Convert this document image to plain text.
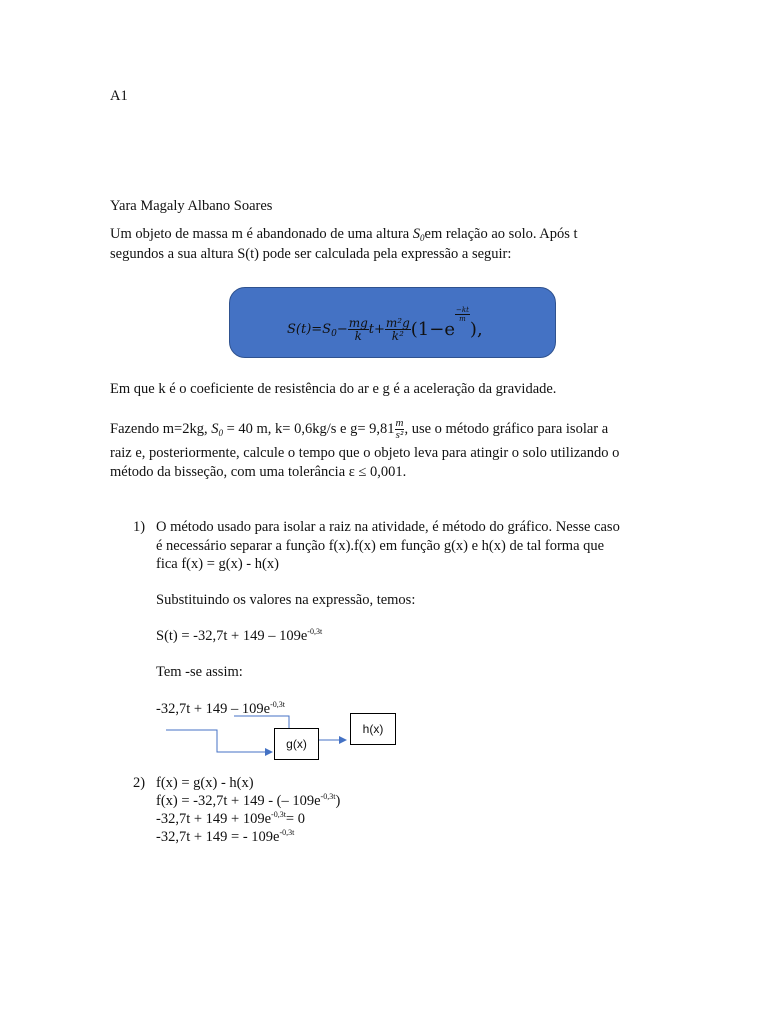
A1
Yara Magaly Albano Soares
Um objeto de massa m é abandonado de uma altura $S_0em$ relação ao solo. Após t
segundos a sua altura S(t) pode ser calculada pela expressão a seguir:
$S(t)=S_0- \frac{mg}{k} t+ \frac{\text{m²g}}{\text{k²}} (1-e$
$\frac{-kt}{m}$
),
Em que k é o coeficiente de resistência do ar e g é a aceleração da gravidade.
Fazendo m=2kg, $S_0 = 40$ m, k= 0,6kg/s e $g= 9,81 \frac{m}{\text{s²}}$ , use o método gráfico para isolar a
raiz e, posteriormente, calcule o tempo que o objeto leva para atingir o solo utilizando o
método da bisseção, com uma tolerância ε ≤ 0,001.
1) O método usado para isolar a raiz na atividade, é método do gráfico. Nesse caso
é necessário separar a função f(x).f(x) em função g(x) e h(x) de tal forma que
fica f(x) = g(x) - h(x)
Substituindo os valores na expressão, temos:
$S(t) = -32,7t + 149 - 109e^{-0,3t}$
Tem -se assim:
$-32,7t + 149 - 109e^{-0,3t}$
g(x)
h(x)
2) f(x) = g(x) - h(x)
f(x) = -32,7t + 149 - (– $109e^{-0,3t}$)
$-32,7t + 149 + 109e^{-0,3t}= 0$
-32,7t + 149 = - $109e^{-0,3t}$
